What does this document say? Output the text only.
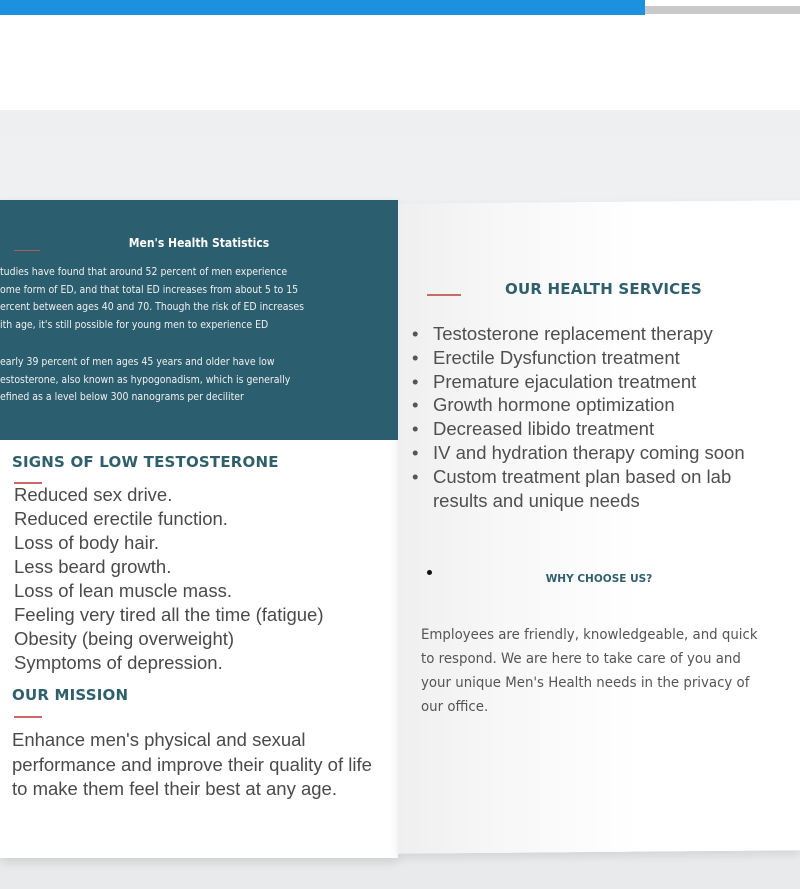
Men's Health Statistics
tudies have found that around 52 percent of men experience
ome form of ED, and that total ED increases from about 5 to 15
ercent between ages 40 and 70. Though the risk of ED increases
ith age, it's still possible for young men to experience ED
early 39 percent of men ages 45 years and older have low
estosterone, also known as hypogonadism, which is generally
efined as a level below 300 nanograms per deciliter
SIGNS OF LOW TESTOSTERONE
OUR MISSION
OUR HEALTH SERVICES
Reduced sex drive.
Reduced erectile function.
Loss of body hair.
Less beard growth.
Loss of lean muscle mass.
Feeling very tired all the time (fatigue)
Obesity (being overweight)
Symptoms of depression.
Enhance men's physical and sexual performance and improve their quality of life to make them feel their best at any age.
• Testosterone replacement therapy
• Erectile Dysfunction treatment
• Premature ejaculation treatment
• Growth hormone optimization
• Decreased libido treatment
• IV and hydration therapy coming soon
• Custom treatment plan based on lab
results and unique needs
WHY CHOOSE US?
Employees are friendly, knowledgeable, and quick to respond. We are here to take care of you and your unique Men's Health needs in the privacy of our office.
